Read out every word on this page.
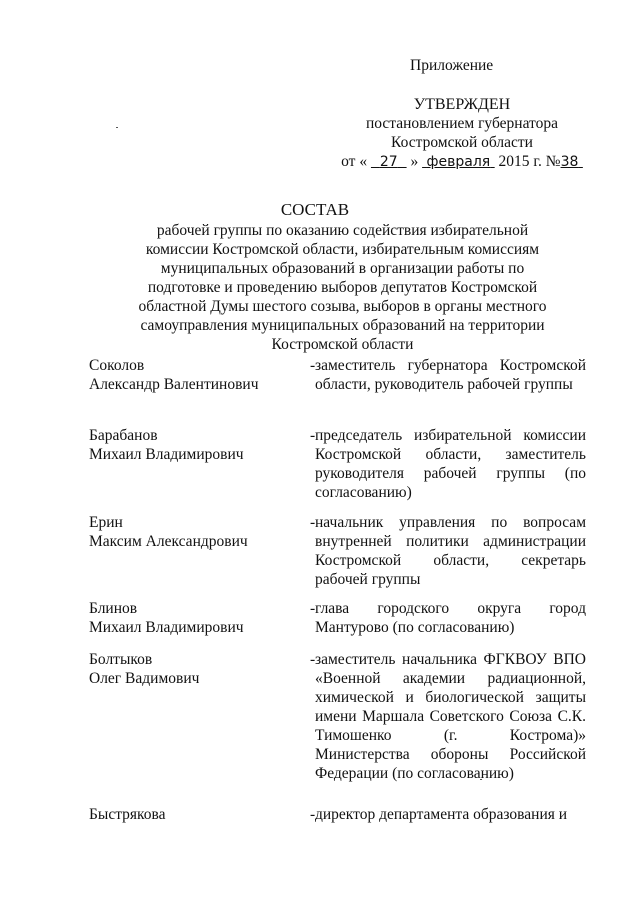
Приложение
УТВЕРЖДЕН
постановлением губернатора
Костромской области
от « 27 » февраля 2015 г. №38
СОСТАВ
рабочей группы по оказанию содействия избирательной комиссии Костромской области, избирательным комиссиям муниципальных образований в организации работы по подготовке и проведению выборов депутатов Костромской областной Думы шестого созыва, выборов в органы местного самоуправления муниципальных образований на территории Костромской области
Соколов
Александр Валентинович
- заместитель губернатора Костромской области, руководитель рабочей группы
Барабанов
Михаил Владимирович
- председатель избирательной комиссии Костромской области, заместитель руководителя рабочей группы (по согласованию)
Ерин
Максим Александрович
- начальник управления по вопросам внутренней политики администрации Костромской области, секретарь рабочей группы
Блинов
Михаил Владимирович
- глава городского округа город Мантурово (по согласованию)
Болтыков
Олег Вадимович
- заместитель начальника ФГКВОУ ВПО «Военной академии радиационной, химической и биологической защиты имени Маршала Советского Союза С.К. Тимошенко (г. Кострома)» Министерства обороны Российской Федерации (по согласованию)
Быстрякова	- директор департамента образования и
